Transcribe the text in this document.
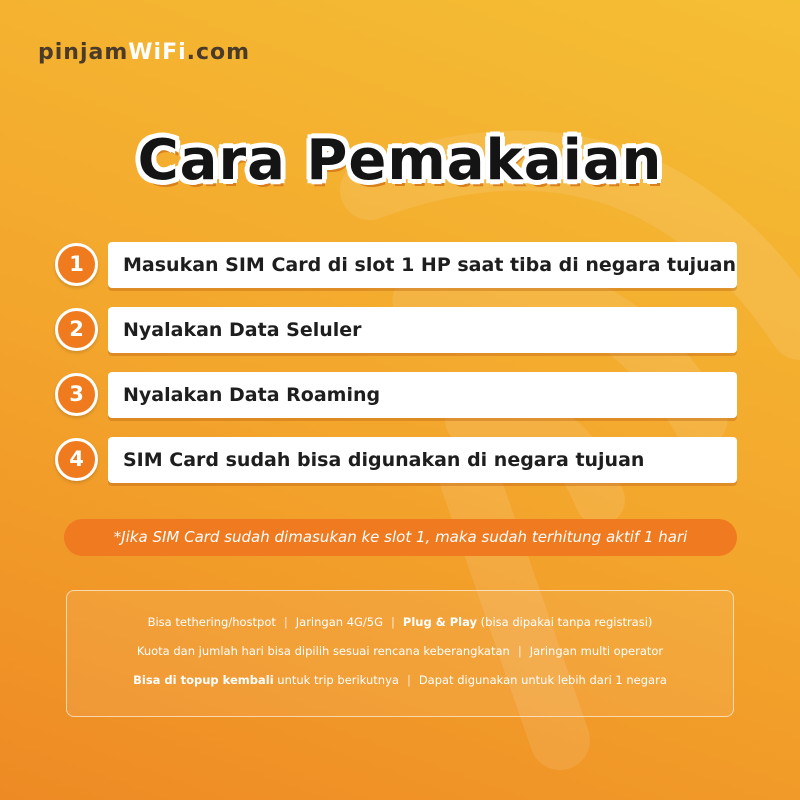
pinjamWiFi.com
Cara Pemakaian
1	Masukan SIM Card di slot 1 HP saat tiba di negara tujuan
2	Nyalakan Data Seluler
3	Nyalakan Data Roaming
4	SIM Card sudah bisa digunakan di negara tujuan
*Jika SIM Card sudah dimasukan ke slot 1, maka sudah terhitung aktif 1 hari
Bisa tethering/hostpot | Jaringan 4G/5G | Plug & Play (bisa dipakai tanpa registrasi)
Kuota dan jumlah hari bisa dipilih sesuai rencana keberangkatan | Jaringan multi operator
Bisa di topup kembali untuk trip berikutnya | Dapat digunakan untuk lebih dari 1 negara
